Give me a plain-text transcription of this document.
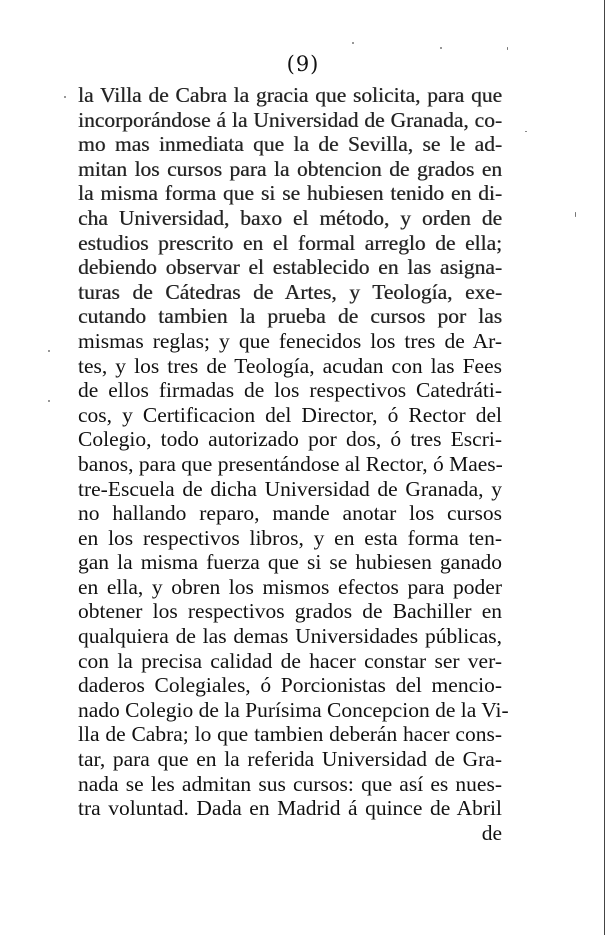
(9)
la Villa de Cabra la gracia que solicita, para que
incorporándose á la Universidad de Granada, co-
mo mas inmediata que la de Sevilla, se le ad-
mitan los cursos para la obtencion de grados en
la misma forma que si se hubiesen tenido en di-
cha Universidad, baxo el método, y orden de
estudios prescrito en el formal arreglo de ella;
debiendo observar el establecido en las asigna-
turas de Cátedras de Artes, y Teología, exe-
cutando tambien la prueba de cursos por las
mismas reglas; y que fenecidos los tres de Ar-
tes, y los tres de Teología, acudan con las Fees
de ellos firmadas de los respectivos Catedráti-
cos, y Certificacion del Director, ó Rector del
Colegio, todo autorizado por dos, ó tres Escri-
banos, para que presentándose al Rector, ó Maes-
tre-Escuela de dicha Universidad de Granada, y
no hallando reparo, mande anotar los cursos
en los respectivos libros, y en esta forma ten-
gan la misma fuerza que si se hubiesen ganado
en ella, y obren los mismos efectos para poder
obtener los respectivos grados de Bachiller en
qualquiera de las demas Universidades públicas,
con la precisa calidad de hacer constar ser ver-
daderos Colegiales, ó Porcionistas del mencio-
nado Colegio de la Purísima Concepcion de la Vi-
lla de Cabra; lo que tambien deberán hacer cons-
tar, para que en la referida Universidad de Gra-
nada se les admitan sus cursos: que así es nues-
tra voluntad. Dada en Madrid á quince de Abril
de
